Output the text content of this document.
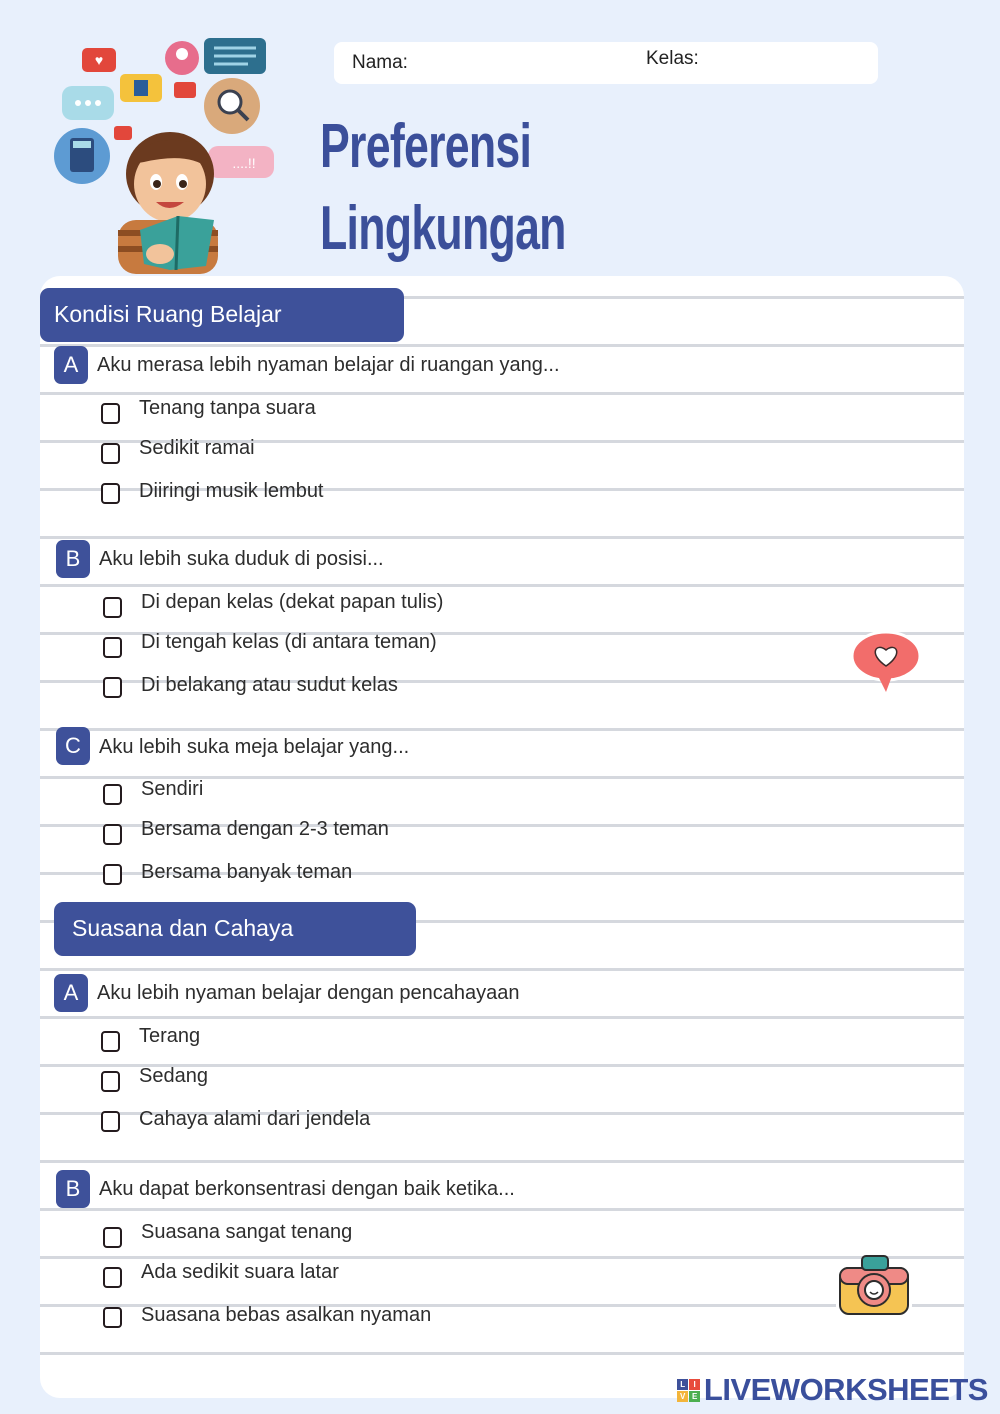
Nama:	Kelas:
Preferensi Lingkungan
♥
....!!
Kondisi Ruang Belajar
A Aku merasa lebih nyaman belajar di ruangan yang...
Tenang tanpa suara
Sedikit ramai
Diiringi musik lembut
B Aku lebih suka duduk di posisi...
Di depan kelas (dekat papan tulis)
Di tengah kelas (di antara teman)
Di belakang atau sudut kelas
C Aku lebih suka meja belajar yang...
Sendiri
Bersama dengan 2-3 teman
Bersama banyak teman
Suasana dan Cahaya
A Aku lebih nyaman belajar dengan pencahayaan
Terang
Sedang
Cahaya alami dari jendela
B Aku dapat berkonsentrasi dengan baik ketika...
Suasana sangat tenang
Ada sedikit suara latar
Suasana bebas asalkan nyaman
L	I
V E LIVEWORKSHEETS
